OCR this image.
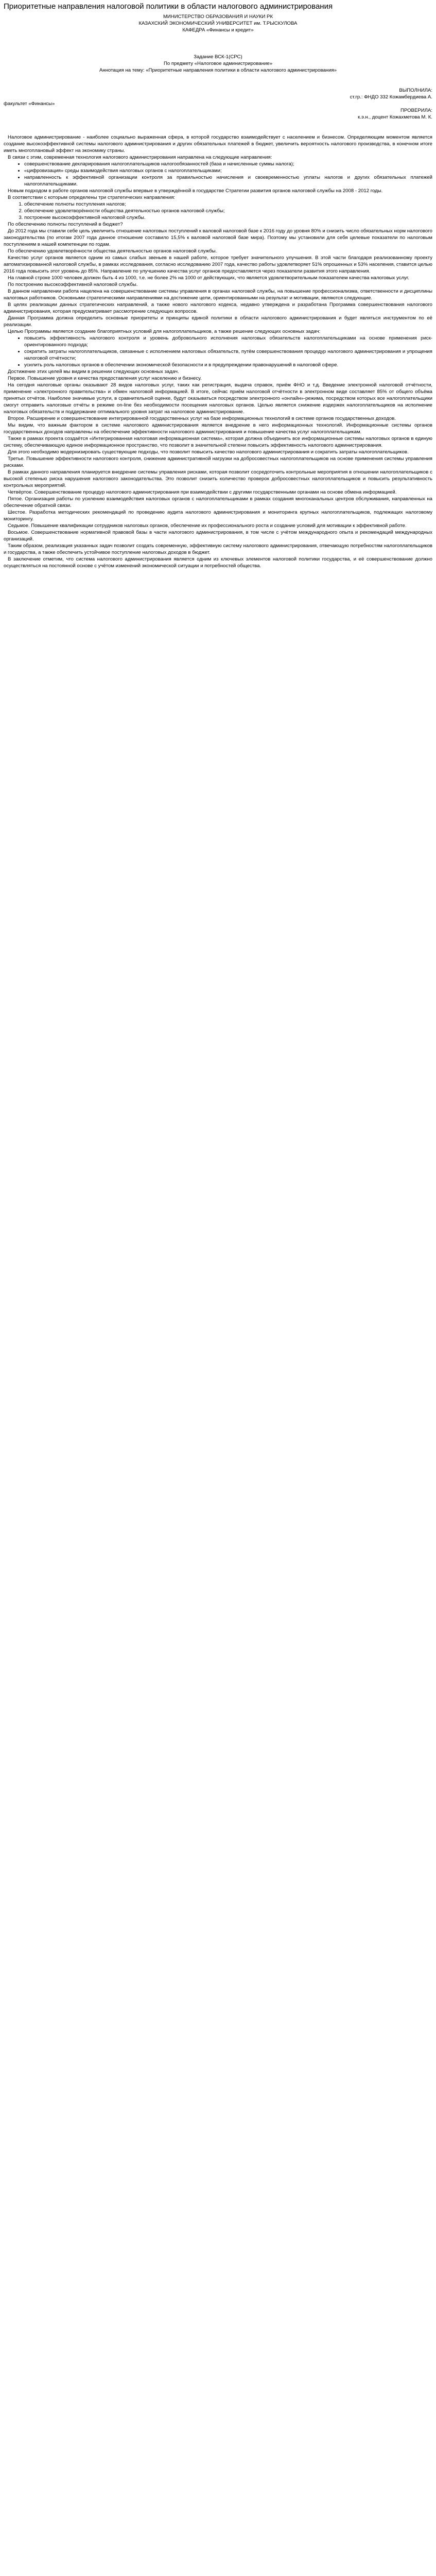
Приоритетные направления налоговой политики в области налогового администрирования

МИНИСТЕРСТВО ОБРАЗОВАНИЯ И НАУКИ РК

КАЗАХСКИЙ ЭКОНОМИЧЕСКИЙ УНИВЕРСИТЕТ им. Т.РЫСКУЛОВА

КАФЕДРА «Финансы и кредит»

Задание ВСК-1(СРС)

По предмету «Налоговое администрирование»

Аннотация на тему: «Приоритетные направления политики в области налогового администрирования»

ВЫПОЛНИЛА:

ст.гр.: ФНДО 332 Кожамбердиева А.

факультет «Финансы»

ПРОВЕРИЛА:

к.э.н., доцент Кожахметова М. К.

Налоговое администрирование - наиболее социально выраженная сфера, в которой государство взаимодействует с населением и бизнесом. Определяющим моментом является создание высокоэффективной системы налогового администрирования и других обязательных платежей в бюджет, увеличить вероятность налогового производства, в конечном итоге иметь многоплановый эффект на экономику страны.

В связи с этим, современная технология налогового администрирования направлена на следующие направления:

• совершенствование декларирования налогоплательщиков налогообязанностей (база и начисленные суммы налога);
• «цифровизация» среды взаимодействия налоговых органов с налогоплательщиками;
• направленность к эффективной организации контроля за правильностью начисления и своевременностью уплаты налогов и других обязательных платежей налогоплательщиками.

Новым подходом в работе органов налоговой службы впервые в утверждённой в государстве Стратегии развития органов налоговой службы на 2008 - 2012 годы.

В соответствии с которым определены три стратегических направления:

1. обеспечение полноты поступления налогов;
2. обеспечение удовлетворённости общества деятельностью органов налоговой службы;
3. построение высокоэффективной налоговой службы.

По обеспечению полноты поступлений в бюджет?

До 2012 года мы ставили себе цель увеличить отношение налоговых поступлений к валовой налоговой базе к 2016 году до уровня 80% и снизить число обязательных норм налогового законодательства (по итогам 2007 года данное отношение составило 15,5% к валовой налоговой базе мира). Поэтому мы установили для себя целевые показатели по налоговым поступлениям в нашей компетенции по годам.

По обеспечению удовлетворённости общества деятельностью органов налоговой службы.

Качество услуг органов является одним из самых слабых звеньев в нашей работе, которое требует значительного улучшения. В этой части благодаря реализованному проекту автоматизированной налоговой службы, в рамках исследования, согласно исследованию 2007 года, качество работы удовлетворяет 51% опрошенных и 53% населения, ставится целью 2016 года повысить этот уровень до 85%. Направление по улучшению качества услуг органов предоставляется через показатели развития этого направления.

На главной строке 1000 человек должен быть 4 из 1000, т.е. не более 2% на 1000 от действующих, что является удовлетворительным показателем качества налоговых услуг.

По построению высокоэффективной налоговой службы.

В данном направлении работа нацелена на совершенствование системы управления в органах налоговой службы, на повышение профессионализма, ответственности и дисциплины налоговых работников. Основными стратегическими направлениями на достижение цели, ориентированными на результат и мотивации, являются следующие.

В целях реализации данных стратегических направлений, а также нового налогового кодекса, недавно утверждена и разработана Программа совершенствования налогового администрирования, которая предусматривает рассмотрение следующих вопросов.

Данная Программа должна определить основные приоритеты и принципы единой политики в области налогового администрирования и будет являться инструментом по её реализации.

Целью Программы является создание благоприятных условий для налогоплательщиков, а также решение следующих основных задач:

• повысить эффективность налогового контроля и уровень добровольного исполнения налоговых обязательств налогоплательщиками на основе применения риск-ориентированного подхода;
• сократить затраты налогоплательщиков, связанные с исполнением налоговых обязательств, путём совершенствования процедур налогового администрирования и упрощения налоговой отчётности;
• усилить роль налоговых органов в обеспечении экономической безопасности и в предупреждении правонарушений в налоговой сфере.

Достижение этих целей мы видим в решении следующих основных задач.

Первое. Повышение уровня и качества предоставления услуг населению и бизнесу.

На сегодня налоговые органы оказывают 28 видов налоговых услуг, таких как регистрация, выдача справок, приём ФНО и т.д. Введение электронной налоговой отчётности, применение «электронного правительства» и обмен налоговой информацией. В итоге, сейчас приём налоговой отчётности в электронном виде составляет 85% от общего объёма принятых отчётов. Наиболее значимые услуги, в сравнительной оценке, будут оказываться посредством электронного «онлайн»-режима, посредством которых все налогоплательщики смогут отправить налоговые отчёты в режиме on-line без необходимости посещения налоговых органов. Целью является снижение издержек налогоплательщиков на исполнение налоговых обязательств и поддержание оптимального уровня затрат на налоговое администрирование.

Второе. Расширение и совершенствование интегрированной государственных услуг на базе информационных технологий в системе органов государственных доходов.

Мы видим, что важным фактором в системе налогового администрирования является внедрение в него информационных технологий. Информационные системы органов государственных доходов направлены на обеспечение эффективности налогового администрирования и повышение качества услуг налогоплательщикам.

Также в рамках проекта создаётся «Интегрированная налоговая информационная система», которая должна объединить все информационные системы налоговых органов в единую систему, обеспечивающую единое информационное пространство, что позволит в значительной степени повысить эффективность налогового администрирования.

Для этого необходимо модернизировать существующие подходы, что позволит повысить качество налогового администрирования и сократить затраты налогоплательщиков.

Третье. Повышение эффективности налогового контроля, снижение административной нагрузки на добросовестных налогоплательщиков на основе применения системы управления рисками.

В рамках данного направления планируется внедрение системы управления рисками, которая позволит сосредоточить контрольные мероприятия в отношении налогоплательщиков с высокой степенью риска нарушения налогового законодательства. Это позволит снизить количество проверок добросовестных налогоплательщиков и повысить результативность контрольных мероприятий.

Четвёртое. Совершенствование процедур налогового администрирования при взаимодействии с другими государственными органами на основе обмена информацией.

Пятое. Организация работы по усилению взаимодействия налоговых органов с налогоплательщиками в рамках создания многоканальных центров обслуживания, направленных на обеспечение обратной связи.

Шестое. Разработка методических рекомендаций по проведению аудита налогового администрирования и мониторинга крупных налогоплательщиков, подлежащих налоговому мониторингу.

Седьмое. Повышение квалификации сотрудников налоговых органов, обеспечение их профессионального роста и создание условий для мотивации к эффективной работе.

Восьмое. Совершенствование нормативной правовой базы в части налогового администрирования, в том числе с учётом международного опыта и рекомендаций международных организаций.

Таким образом, реализация указанных задач позволит создать современную, эффективную систему налогового администрирования, отвечающую потребностям налогоплательщиков и государства, а также обеспечить устойчивое поступление налоговых доходов в бюджет.

В заключение отметим, что система налогового администрирования является одним из ключевых элементов налоговой политики государства, и её совершенствование должно осуществляться на постоянной основе с учётом изменений экономической ситуации и потребностей общества.
